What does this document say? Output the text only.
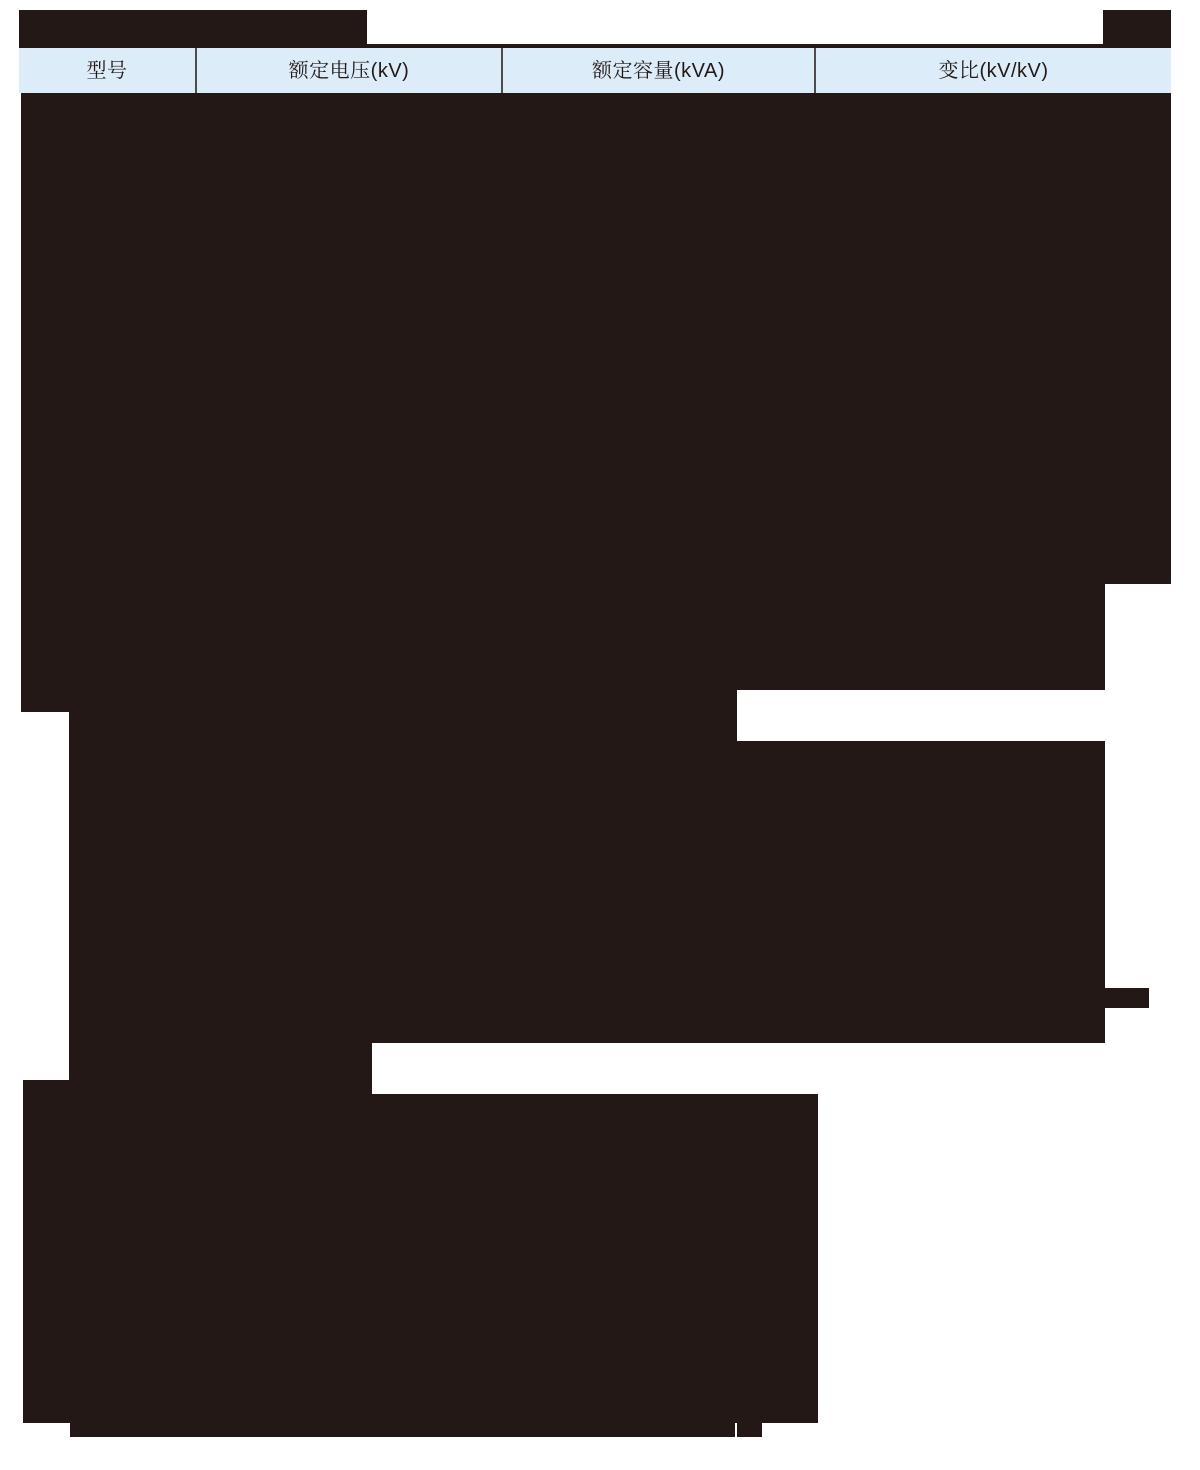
型号	额定电压(kV)	额定容量(kVA)	变比(kV/kV)
